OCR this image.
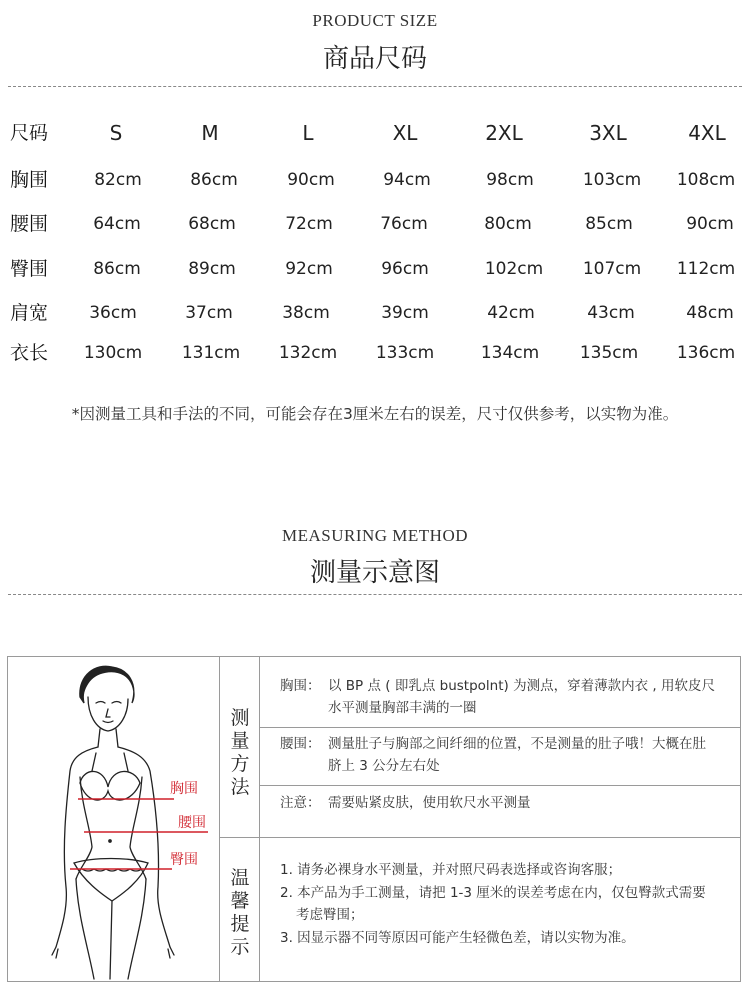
PRODUCT SIZE
商品尺码
尺码	S	M	L	XL	2XL	3XL	4XL
胸围	82cm	86cm	90cm	94cm	98cm	103cm	108cm
腰围	64cm	68cm	72cm	76cm	80cm	85cm	90cm
臀围	86cm	89cm	92cm	96cm	102cm	107cm	112cm
肩宽	36cm	37cm	38cm	39cm	42cm	43cm	48cm
衣长	130cm	131cm	132cm	133cm	134cm	135cm	136cm
*因测量工具和手法的不同，可能会存在3厘米左右的误差，尺寸仅供参考，以实物为准。
MEASURING METHOD
测量示意图
胸围
腰围
臀围
测
量
方
法
温
馨
提
示
胸围： 以 BP 点 ( 即乳点 bustpolnt) 为测点，穿着薄款内衣 , 用软皮尺水平测量胸部丰满的一圈
腰围： 测量肚子与胸部之间纤细的位置，不是测量的肚子哦！大概在肚脐上 3 公分左右处
注意： 需要贴紧皮肤，使用软尺水平测量
1. 请务必裸身水平测量，并对照尺码表选择或咨询客服；
2. 本产品为手工测量，请把 1-3 厘米的误差考虑在内，仅包臀款式需要考虑臀围；
3. 因显示器不同等原因可能产生轻微色差，请以实物为准。
